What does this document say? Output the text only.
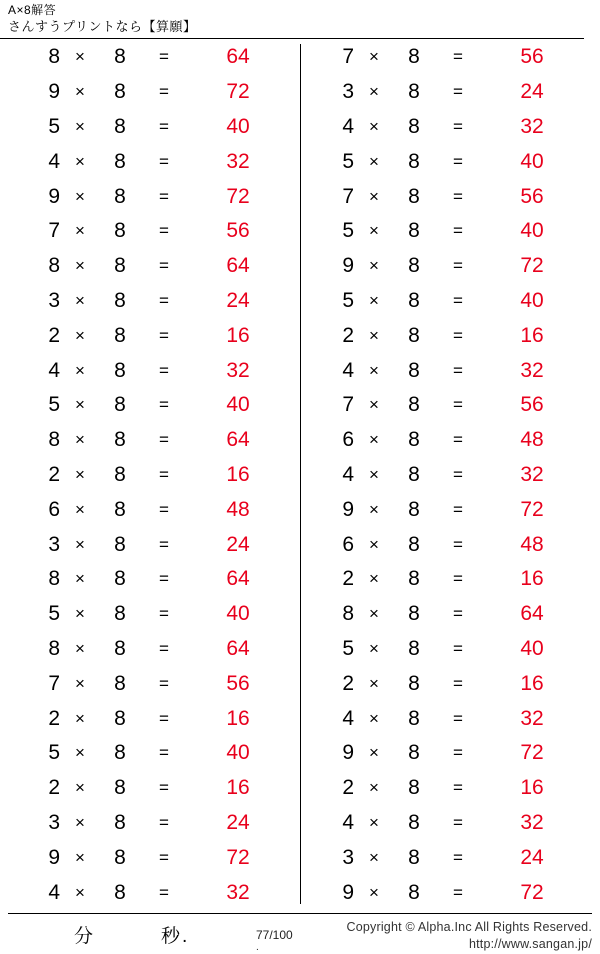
A×8解答
さんすうプリントなら【算願】
8 ×	8	=	64
9 ×	8	=	72
5 ×	8	=	40
4 ×	8	=	32
9 ×	8	=	72
7 ×	8	=	56
8 ×	8	=	64
3 ×	8	=	24
2 ×	8	=	16
4 ×	8	=	32
5 ×	8	=	40
8 ×	8	=	64
2 ×	8	=	16
6 ×	8	=	48
3 ×	8	=	24
8 ×	8	=	64
5 ×	8	=	40
8 ×	8	=	64
7 ×	8	=	56
2 ×	8	=	16
5 ×	8	=	40
2 ×	8	=	16
3 ×	8	=	24
9 ×	8	=	72
4 ×	8	=	32
7 ×	8	=	56
3 ×	8	=	24
4 ×	8	=	32
5 ×	8	=	40
7 ×	8	=	56
5 ×	8	=	40
9 ×	8	=	72
5 ×	8	=	40
2 ×	8	=	16
4 ×	8	=	32
7 ×	8	=	56
6 ×	8	=	48
4 ×	8	=	32
9 ×	8	=	72
6 ×	8	=	48
2 ×	8	=	16
8 ×	8	=	64
5 ×	8	=	40
2 ×	8	=	16
4 ×	8	=	32
9 ×	8	=	72
2 ×	8	=	16
4 ×	8	=	32
3 ×	8	=	24
9 ×	8	=	72
分	秒.	77/100
.
Copyright © Alpha.Inc All Rights Reserved.
http://www.sangan.jp/
